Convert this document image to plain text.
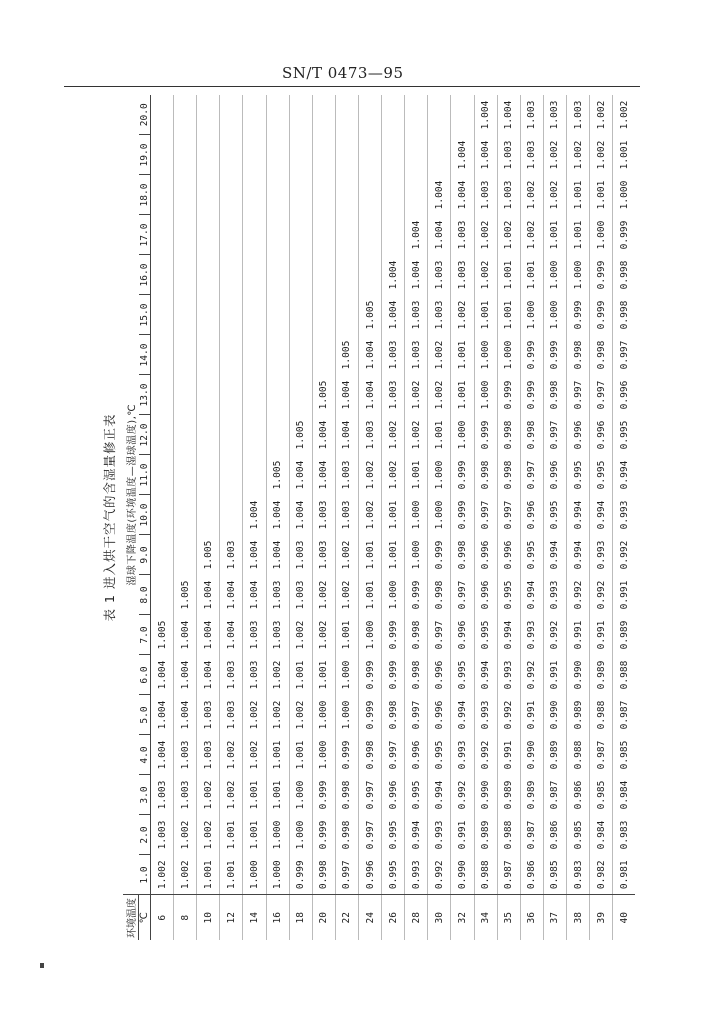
SN/T 0473—95
表 1 进入烘干空气的含湿量修正表
环境温度	湿球下降温度(环境温度—湿球温度),℃																			
℃	1.0	2.0	3.0	4.0	5.0	6.0	7.0	8.0	9.0	10.0	11.0	12.0	13.0	14.0	15.0	16.0	17.0	18.0	19.0	20.0
6	1.002	1.003	1.003	1.004	1.004	1.004	1.005													
8	1.002	1.002	1.003	1.003	1.004	1.004	1.004	1.005												
10	1.001	1.002	1.002	1.003	1.003	1.004	1.004	1.004	1.005											
12	1.001	1.001	1.002	1.002	1.003	1.003	1.004	1.004	1.003											
14	1.000	1.001	1.001	1.002	1.002	1.003	1.003	1.004	1.004	1.004										
16	1.000	1.000	1.001	1.001	1.002	1.002	1.003	1.003	1.004	1.004	1.005									
18	0.999	1.000	1.000	1.001	1.002	1.001	1.002	1.003	1.003	1.004	1.004	1.005								
20	0.998	0.999	0.999	1.000	1.000	1.001	1.002	1.002	1.003	1.003	1.004	1.004	1.005							
22	0.997	0.998	0.998	0.999	1.000	1.000	1.001	1.002	1.002	1.003	1.003	1.004	1.004	1.005						
24	0.996	0.997	0.997	0.998	0.999	0.999	1.000	1.001	1.001	1.002	1.002	1.003	1.004	1.004	1.005					
26	0.995	0.995	0.996	0.997	0.998	0.999	0.999	1.000	1.001	1.001	1.002	1.002	1.003	1.003	1.004	1.004				
28	0.993	0.994	0.995	0.996	0.997	0.998	0.998	0.999	1.000	1.000	1.001	1.002	1.002	1.003	1.003	1.004	1.004			
30	0.992	0.993	0.994	0.995	0.996	0.996	0.997	0.998	0.999	1.000	1.000	1.001	1.002	1.002	1.003	1.003	1.004	1.004		
32	0.990	0.991	0.992	0.993	0.994	0.995	0.996	0.997	0.998	0.999	0.999	1.000	1.001	1.001	1.002	1.003	1.003	1.004	1.004	
34	0.988	0.989	0.990	0.992	0.993	0.994	0.995	0.996	0.996	0.997	0.998	0.999	1.000	1.000	1.001	1.002	1.002	1.003	1.004	1.004
35	0.987	0.988	0.989	0.991	0.992	0.993	0.994	0.995	0.996	0.997	0.998	0.998	0.999	1.000	1.001	1.001	1.002	1.003	1.003	1.004
36	0.986	0.987	0.989	0.990	0.991	0.992	0.993	0.994	0.995	0.996	0.997	0.998	0.999	0.999	1.000	1.001	1.002	1.002	1.003	1.003
37	0.985	0.986	0.987	0.989	0.990	0.991	0.992	0.993	0.994	0.995	0.996	0.997	0.998	0.999	1.000	1.000	1.001	1.002	1.002	1.003
38	0.983	0.985	0.986	0.988	0.989	0.990	0.991	0.992	0.994	0.994	0.995	0.996	0.997	0.998	0.999	1.000	1.001	1.001	1.002	1.003
39	0.982	0.984	0.985	0.987	0.988	0.989	0.991	0.992	0.993	0.994	0.995	0.996	0.997	0.998	0.999	0.999	1.000	1.001	1.002	1.002
40	0.981	0.983	0.984	0.985	0.987	0.988	0.989	0.991	0.992	0.993	0.994	0.995	0.996	0.997	0.998	0.998	0.999	1.000	1.001	1.002
